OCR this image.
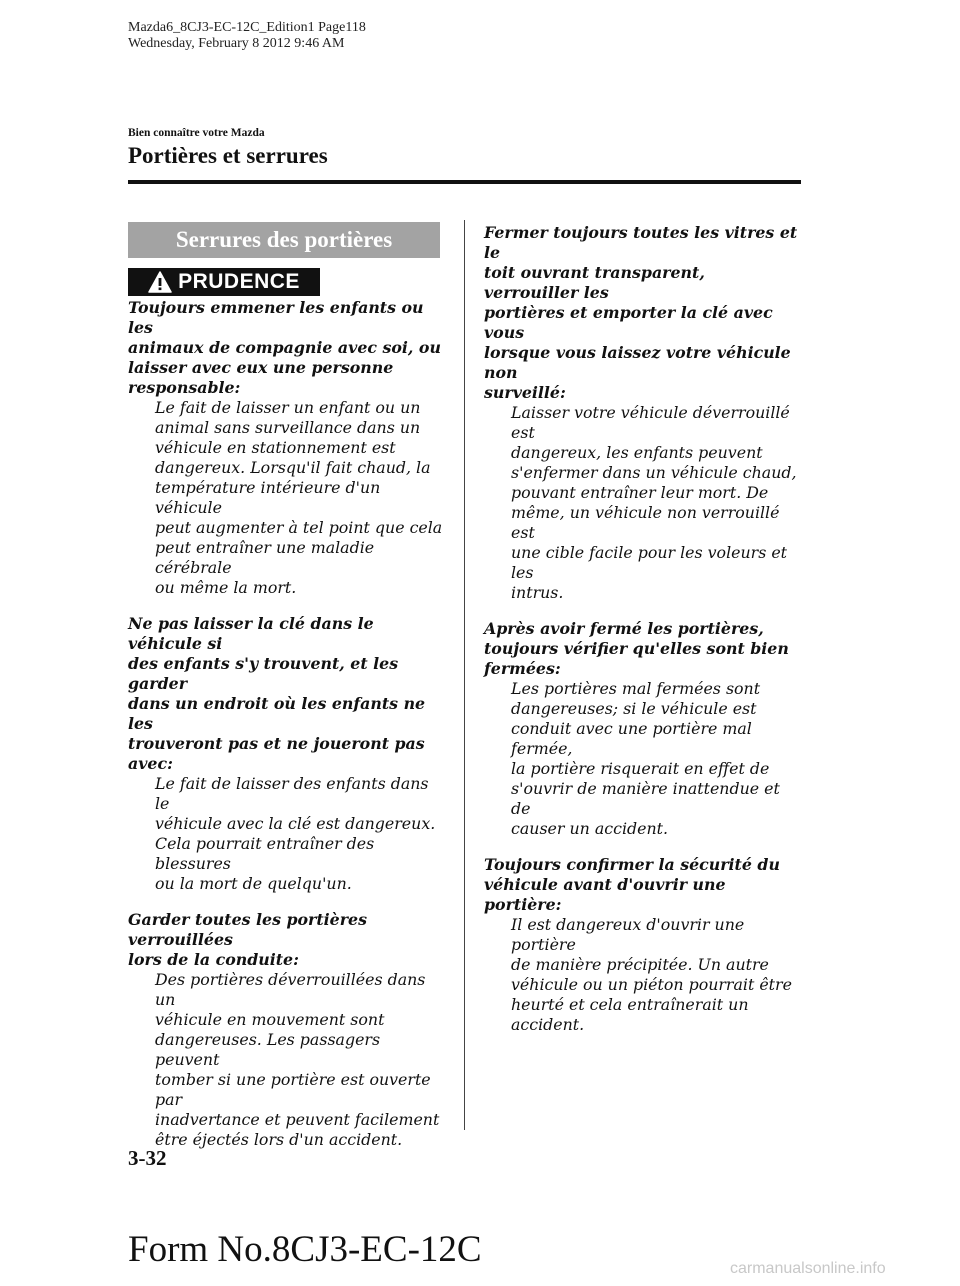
Mazda6_8CJ3-EC-12C_Edition1 Page118
Wednesday, February 8 2012 9:46 AM
Bien connaître votre Mazda
Portières et serrures
Serrures des portières
PRUDENCE
Toujours emmener les enfants ou les
animaux de compagnie avec soi, ou
laisser avec eux une personne
responsable:
Le fait de laisser un enfant ou un
animal sans surveillance dans un
véhicule en stationnement est
dangereux. Lorsqu'il fait chaud, la
température intérieure d'un véhicule
peut augmenter à tel point que cela
peut entraîner une maladie cérébrale
ou même la mort.
Ne pas laisser la clé dans le véhicule si
des enfants s'y trouvent, et les garder
dans un endroit où les enfants ne les
trouveront pas et ne joueront pas avec:
Le fait de laisser des enfants dans le
véhicule avec la clé est dangereux.
Cela pourrait entraîner des blessures
ou la mort de quelqu'un.
Garder toutes les portières verrouillées
lors de la conduite:
Des portières déverrouillées dans un
véhicule en mouvement sont
dangereuses. Les passagers peuvent
tomber si une portière est ouverte par
inadvertance et peuvent facilement
être éjectés lors d'un accident.
Fermer toujours toutes les vitres et le
toit ouvrant transparent, verrouiller les
portières et emporter la clé avec vous
lorsque vous laissez votre véhicule non
surveillé:
Laisser votre véhicule déverrouillé est
dangereux, les enfants peuvent
s'enfermer dans un véhicule chaud,
pouvant entraîner leur mort. De
même, un véhicule non verrouillé est
une cible facile pour les voleurs et les
intrus.
Après avoir fermé les portières,
toujours vérifier qu'elles sont bien
fermées:
Les portières mal fermées sont
dangereuses; si le véhicule est
conduit avec une portière mal fermée,
la portière risquerait en effet de
s'ouvrir de manière inattendue et de
causer un accident.
Toujours confirmer la sécurité du
véhicule avant d'ouvrir une portière:
Il est dangereux d'ouvrir une portière
de manière précipitée. Un autre
véhicule ou un piéton pourrait être
heurté et cela entraînerait un
accident.
3-32
Form No.8CJ3-EC-12C	carmanualsonline.info
